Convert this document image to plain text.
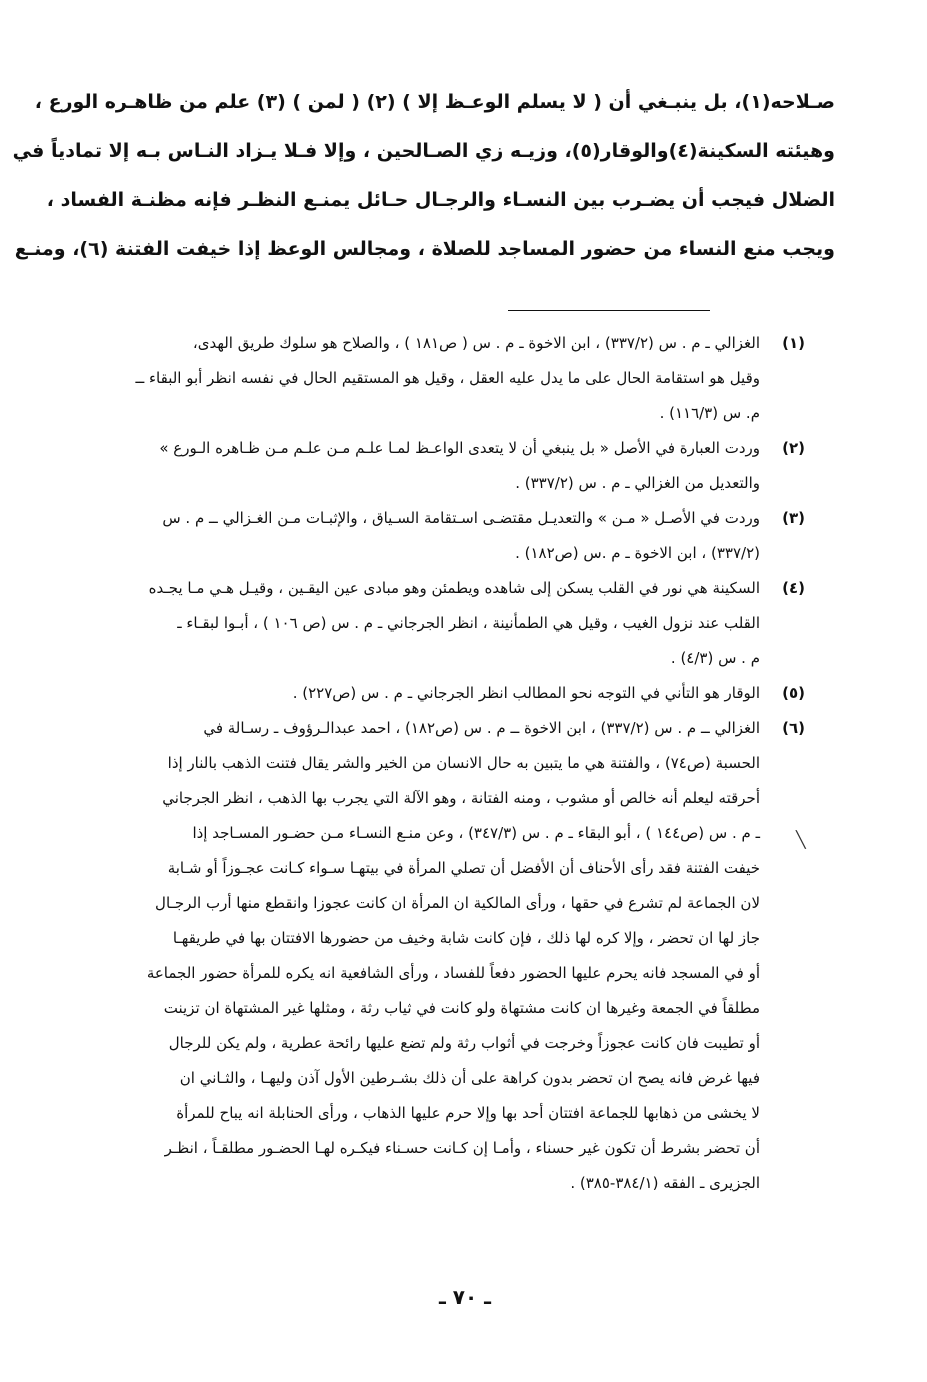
صـلاحه(١)، بل ينبـغي أن ( لا يسلم الوعـظ إلا ) (٢) ( لمن ) (٣) علم من ظاهـره الورع ،
وهيئته السكينة(٤)والوقار(٥)، وزيـه زي الصـالحين ، وإلا فـلا يـزاد النـاس بـه إلا تمادياً في
الضلال فيجب أن يضـرب بين النسـاء والرجـال حـائل يمنـع النظـر فإنه مظنـة الفساد ،
ويجب منع النساء من حضور المساجد للصلاة ، ومجالس الوعظ إذا خيفت الفتنة (٦)، ومنـع
(١)
الغزالي ـ م . س (٣٣٧/٢) ، ابن الاخوة ـ م . س ( ص١٨١ ) ، والصلاح هو سلوك طريق الهدى،
وقيل هو استقامة الحال على ما يدل عليه العقل ، وقيل هو المستقيم الحال في نفسه انظر أبو البقاء ــ
م. س (١١٦/٣) .
(٢)
وردت العبارة في الأصل « بل ينبغي أن لا يتعدى الواعـظ لمـا علـم مـن علـم مـن ظـاهره الـورع »
والتعديل من الغزالي ـ م . س (٣٣٧/٢) .
(٣)
وردت في الأصـل « مـن » والتعديـل مقتضـى اسـتقامة السـياق ، والإثبـات مـن الغـزالي ــ م . س
(٣٣٧/٢) ، ابن الاخوة ـ م .س (ص١٨٢) .
(٤)
السكينة هي نور في القلب يسكن إلى شاهده ويطمئن وهو مبادى عين اليقـين ، وقيـل هـي مـا يجـده
القلب عند نزول الغيب ، وقيل هي الطمأنينة ، انظر الجرجاني ـ م . س (ص ١٠٦ ) ، أبـوا لبقـاء ـ
م . س (٤/٣) .
(٥)
الوقار هو التأني في التوجه نحو المطالب انظر الجرجاني ـ م . س (ص٢٢٧) .
(٦)
الغزالي ــ م . س (٣٣٧/٢) ، ابن الاخوة ــ م . س (ص١٨٢) ، احمد عبدالـرؤوف ـ رسـالة في
الحسبة (ص٧٤) ، والفتنة هي ما يتبين به حال الانسان من الخير والشر يقال فتنت الذهب بالنار إذا
أحرقته ليعلم أنه خالص أو مشوب ، ومنه الفتانة ، وهو الآلة التي يجرب بها الذهب ، انظر الجرجاني
ـ م . س (ص١٤٤ ) ، أبو البقاء ـ م . س (٣٤٧/٣) ، وعن منـع النسـاء مـن حضـور المسـاجد إذا
خيفت الفتنة فقد رأى الأحناف أن الأفضل أن تصلي المرأة في بيتهـا سـواء كـانت عجـوزاً أو شـابة
لان الجماعة لم تشرع في حقها ، ورأى المالكية ان المرأة ان كانت عجوزا وانقطع منها أرب الرجـال
جاز لها ان تحضر ، وإلا كره لها ذلك ، فإن كانت شابة وخيف من حضورها الافتتان بها في طريقهـا
أو في المسجد فانه يحرم عليها الحضور دفعاً للفساد ، ورأى الشافعية انه يكره للمرأة حضور الجماعة
مطلقاً في الجمعة وغيرها ان كانت مشتهاة ولو كانت في ثياب رثة ، ومثلها غير المشتهاة ان تزينت
أو تطيبت فان كانت عجوزاً وخرجت في أثواب رثة ولم تضع عليها رائحة عطرية ، ولم يكن للرجال
فيها غرض فانه يصح ان تحضر بدون كراهة على أن ذلك بشـرطين الأول آذن وليهـا ، والثـاني ان
لا يخشى من ذهابها للجماعة افتتان أحد بها وإلا حرم عليها الذهاب ، ورأى الحنابلة انه يباح للمرأة
أن تحضر بشرط أن تكون غير حسناء ، وأمـا إن كـانت حسـناء فيكـره لهـا الحضـور مطلقـاً ، انظـر
الجزيرى ـ الفقه (٣٨٤/١-٣٨٥) .
╲
ـ ٧٠ ـ
